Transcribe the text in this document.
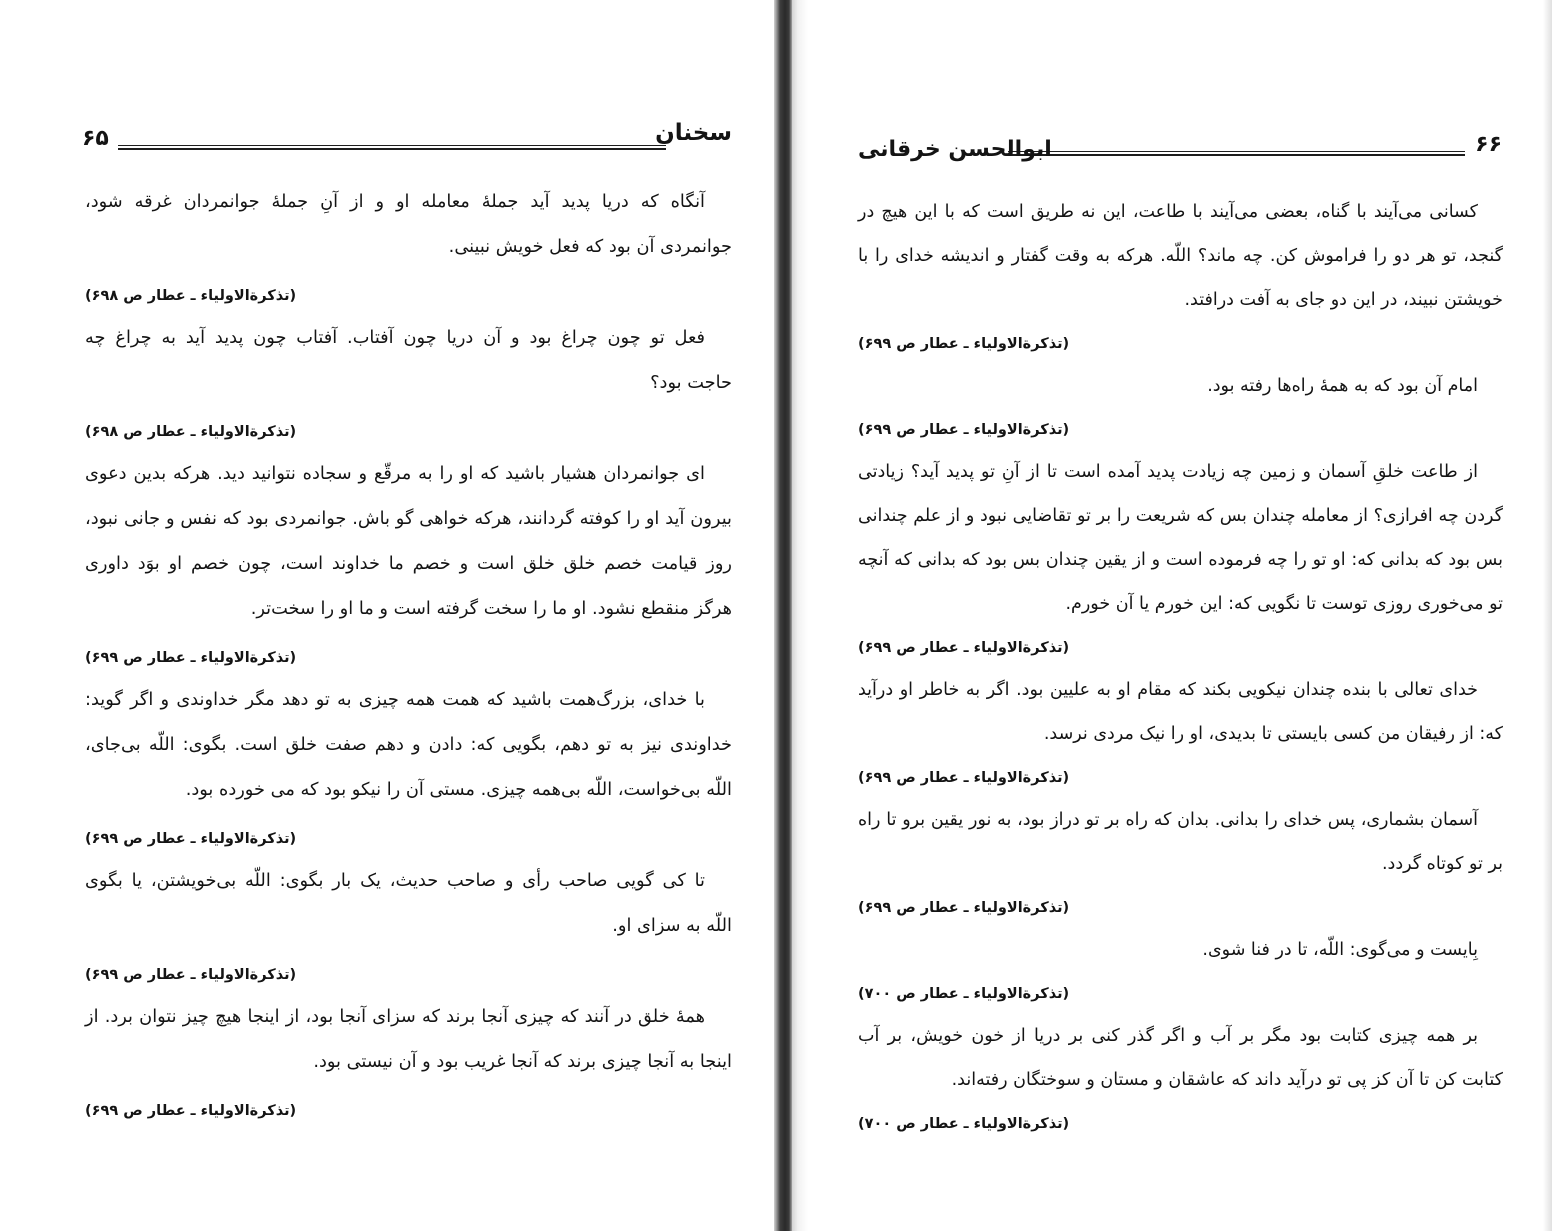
سخنان
۶۵
آنگاه که دریا پدید آید جملهٔ معامله او و از آنِ جملهٔ جوانمردان غرقه شود،
جوانمردی آن بود که فعل خویش نبینی.
(تذکرةالاولیاء ـ عطار ص ۶۹۸)
فعل تو چون چراغ بود و آن دریا چون آفتاب. آفتاب چون پدید آید به چراغ چه
حاجت بود؟
(تذکرةالاولیاء ـ عطار ص ۶۹۸)
ای جوانمردان هشیار باشید که او را به مرقّع و سجاده نتوانید دید. هرکه بدین دعوی
بیرون آید او را کوفته گردانند، هرکه خواهی گو باش. جوانمردی بود که نفس و جانی نبود،
روز قیامت خصم خلق خلق است و خصم ما خداوند است، چون خصم او بوَد داوری
هرگز منقطع نشود. او ما را سخت گرفته است و ما او را سخت‌تر.
(تذکرةالاولیاء ـ عطار ص ۶۹۹)
با خدای، بزرگ‌همت باشید که همت همه چیزی به تو دهد مگر خداوندی و اگر گوید:
خداوندی نیز به تو دهم، بگویی که: دادن و دهم صفت خلق است. بگوی: اللّه بی‌جای،
اللّه بی‌خواست، اللّه بی‌همه چیزی. مستی آن را نیکو بود که می خورده بود.
(تذکرةالاولیاء ـ عطار ص ۶۹۹)
تا کی گویی صاحب رأی و صاحب حدیث، یک بار بگوی: اللّه بی‌خویشتن، یا بگوی
اللّه به سزای او.
(تذکرةالاولیاء ـ عطار ص ۶۹۹)
همهٔ خلق در آنند که چیزی آنجا برند که سزای آنجا بود، از اینجا هیچ چیز نتوان برد. از
اینجا به آنجا چیزی برند که آنجا غریب بود و آن نیستی بود.
(تذکرةالاولیاء ـ عطار ص ۶۹۹)
۶۶
ابوالحسن خرقانی
کسانی می‌آیند با گناه، بعضی می‌آیند با طاعت، این نه طریق است که با این هیچ در
گنجد، تو هر دو را فراموش کن. چه ماند؟ اللّه. هرکه به وقت گفتار و اندیشه خدای را با
خویشتن نبیند، در این دو جای به آفت درافتد.
(تذکرةالاولیاء ـ عطار ص ۶۹۹)
امام آن بود که به همهٔ راه‌ها رفته بود.
(تذکرةالاولیاء ـ عطار ص ۶۹۹)
از طاعت خلقِ آسمان و زمین چه زیادت پدید آمده است تا از آنِ تو پدید آید؟ زیادتی
گردن چه افرازی؟ از معامله چندان بس که شریعت را بر تو تقاضایی نبود و از علم چندانی
بس بود که بدانی که: او تو را چه فرموده است و از یقین چندان بس بود که بدانی که آنچه
تو می‌خوری روزی توست تا نگویی که: این خورم یا آن خورم.
(تذکرةالاولیاء ـ عطار ص ۶۹۹)
خدای تعالی با بنده چندان نیکویی بکند که مقام او به علیین بود. اگر به خاطر او درآید
که: از رفیقان من کسی بایستی تا بدیدی، او را نیک مردی نرسد.
(تذکرةالاولیاء ـ عطار ص ۶۹۹)
آسمان بشماری، پس خدای را بدانی. بدان که راه بر تو دراز بود، به نور یقین برو تا راه
بر تو کوتاه گردد.
(تذکرةالاولیاء ـ عطار ص ۶۹۹)
بِایست و می‌گوی: اللّه، تا در فنا شوی.
(تذکرةالاولیاء ـ عطار ص ۷۰۰)
بر همه چیزی کتابت بود مگر بر آب و اگر گذر کنی بر دریا از خون خویش، بر آب
کتابت کن تا آن کز پی تو درآید داند که عاشقان و مستان و سوختگان رفته‌اند.
(تذکرةالاولیاء ـ عطار ص ۷۰۰)
